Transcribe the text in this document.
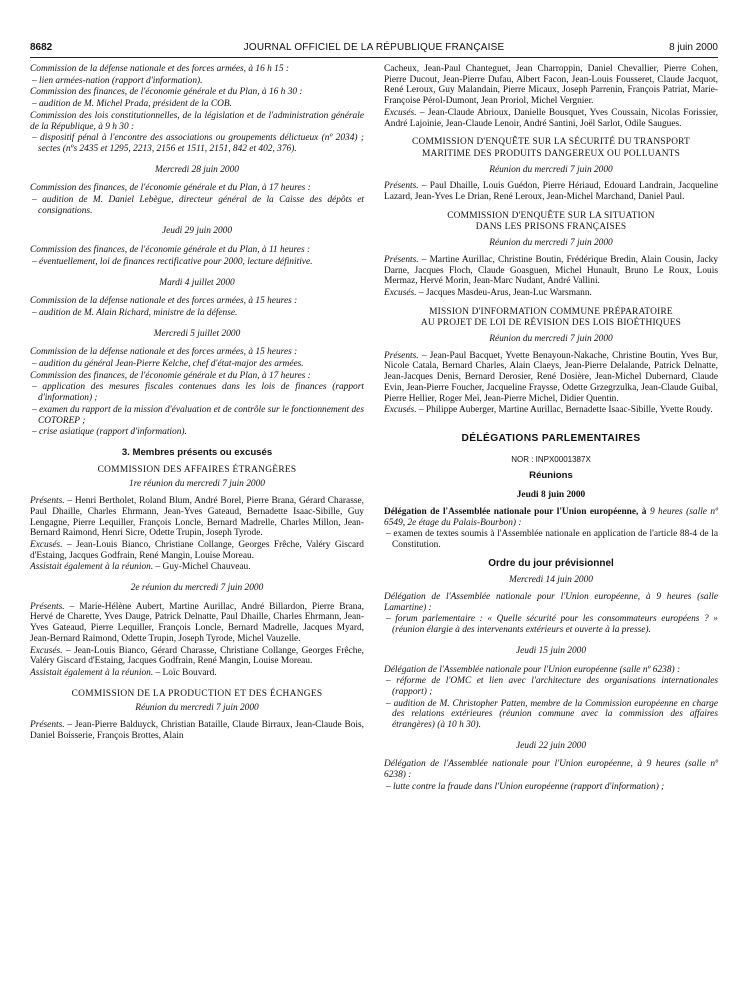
8682	JOURNAL OFFICIEL DE LA RÉPUBLIQUE FRANÇAISE	8 juin 2000

Commission de la défense nationale et des forces armées, à 16 h 15 :

– lien armées-nation (rapport d'information).

Commission des finances, de l'économie générale et du Plan, à 16 h 30 :

– audition de M. Michel Prada, président de la COB.

Commission des lois constitutionnelles, de la législation et de l'administration générale de la République, à 9 h 30 :

– dispositif pénal à l'encontre des associations ou groupements délictueux (nº 2034) ; sectes (nºs 2435 et 1295, 2213, 2156 et 1511, 2151, 842 et 402, 376).

Mercredi 28 juin 2000

Commission des finances, de l'économie générale et du Plan, à 17 heures :

– audition de M. Daniel Lebègue, directeur général de la Caisse des dépôts et consignations.

Jeudi 29 juin 2000

Commission des finances, de l'économie générale et du Plan, à 11 heures :

– éventuellement, loi de finances rectificative pour 2000, lecture définitive.

Mardi 4 juillet 2000

Commission de la défense nationale et des forces armées, à 15 heures :

– audition de M. Alain Richard, ministre de la défense.

Mercredi 5 juillet 2000

Commission de la défense nationale et des forces armées, à 15 heures :

– audition du général Jean-Pierre Kelche, chef d'état-major des armées.

Commission des finances, de l'économie générale et du Plan, à 17 heures :

– application des mesures fiscales contenues dans les lois de finances (rapport d'information) ;

– examen du rapport de la mission d'évaluation et de contrôle sur le fonctionnement des COTOREP ;

– crise asiatique (rapport d'information).

3. Membres présents ou excusés

COMMISSION DES AFFAIRES ÉTRANGÈRES

1re réunion du mercredi 7 juin 2000

Présents. – Henri Bertholet, Roland Blum, André Borel, Pierre Brana, Gérard Charasse, Paul Dhaille, Charles Ehrmann, Jean-Yves Gateaud, Bernadette Isaac-Sibille, Guy Lengagne, Pierre Lequiller, François Loncle, Bernard Madrelle, Charles Millon, Jean-Bernard Raimond, Henri Sicre, Odette Trupin, Joseph Tyrode.

Excusés. – Jean-Louis Bianco, Christiane Collange, Georges Frêche, Valéry Giscard d'Estaing, Jacques Godfrain, René Mangin, Louise Moreau.

Assistait également à la réunion. – Guy-Michel Chauveau.

2e réunion du mercredi 7 juin 2000

Présents. – Marie-Hélène Aubert, Martine Aurillac, André Billardon, Pierre Brana, Hervé de Charette, Yves Dauge, Patrick Delnatte, Paul Dhaille, Charles Ehrmann, Jean-Yves Gateaud, Pierre Lequiller, François Loncle, Bernard Madrelle, Jacques Myard, Jean-Bernard Raimond, Odette Trupin, Joseph Tyrode, Michel Vauzelle.

Excusés. – Jean-Louis Bianco, Gérard Charasse, Christiane Collange, Georges Frêche, Valéry Giscard d'Estaing, Jacques Godfrain, René Mangin, Louise Moreau.

Assistait également à la réunion. – Loïc Bouvard.

COMMISSION DE LA PRODUCTION ET DES ÉCHANGES

Réunion du mercredi 7 juin 2000

Présents. – Jean-Pierre Balduyck, Christian Bataille, Claude Birraux, Jean-Claude Bois, Daniel Boisserie, François Brottes, Alain

Cacheux, Jean-Paul Chanteguet, Jean Charroppin, Daniel Chevallier, Pierre Cohen, Pierre Ducout, Jean-Pierre Dufau, Albert Facon, Jean-Louis Fousseret, Claude Jacquot, René Leroux, Guy Malandain, Pierre Micaux, Joseph Parrenin, François Patriat, Marie-Françoise Pérol-Dumont, Jean Proriol, Michel Vergnier.

Excusés. – Jean-Claude Abrioux, Danielle Bousquet, Yves Coussain, Nicolas Forissier, André Lajoinie, Jean-Claude Lenoir, André Santini, Joël Sarlot, Odile Saugues.

COMMISSION D'ENQUÊTE SUR LA SÉCURITÉ DU TRANSPORT

MARITIME DES PRODUITS DANGEREUX OU POLLUANTS

Réunion du mercredi 7 juin 2000

Présents. – Paul Dhaille, Louis Guédon, Pierre Hériaud, Edouard Landrain, Jacqueline Lazard, Jean-Yves Le Drian, René Leroux, Jean-Michel Marchand, Daniel Paul.

COMMISSION D'ENQUÊTE SUR LA SITUATION

DANS LES PRISONS FRANÇAISES

Réunion du mercredi 7 juin 2000

Présents. – Martine Aurillac, Christine Boutin, Frédérique Bredin, Alain Cousin, Jacky Darne, Jacques Floch, Claude Goasguen, Michel Hunault, Bruno Le Roux, Louis Mermaz, Hervé Morin, Jean-Marc Nudant, André Vallini.

Excusés. – Jacques Masdeu-Arus, Jean-Luc Warsmann.

MISSION D'INFORMATION COMMUNE PRÉPARATOIRE

AU PROJET DE LOI DE RÉVISION DES LOIS BIOÉTHIQUES

Réunion du mercredi 7 juin 2000

Présents. – Jean-Paul Bacquet, Yvette Benayoun-Nakache, Christine Boutin, Yves Bur, Nicole Catala, Bernard Charles, Alain Claeys, Jean-Pierre Delalande, Patrick Delnatte, Jean-Jacques Denis, Bernard Derosier, René Dosière, Jean-Michel Dubernard, Claude Evin, Jean-Pierre Foucher, Jacqueline Fraysse, Odette Grzegrzulka, Jean-Claude Guibal, Pierre Hellier, Roger Meï, Jean-Pierre Michel, Didier Quentin.

Excusés. – Philippe Auberger, Martine Aurillac, Bernadette Isaac-Sibille, Yvette Roudy.

DÉLÉGATIONS PARLEMENTAIRES

NOR : INPX0001387X

Réunions

Jeudi 8 juin 2000

Délégation de l'Assemblée nationale pour l'Union européenne, à 9 heures (salle nº 6549, 2e étage du Palais-Bourbon) :

– examen de textes soumis à l'Assemblée nationale en application de l'article 88-4 de la Constitution.

Ordre du jour prévisionnel

Mercredi 14 juin 2000

Délégation de l'Assemblée nationale pour l'Union européenne, à 9 heures (salle Lamartine) :

– forum parlementaire : « Quelle sécurité pour les consommateurs européens ? » (réunion élargie à des intervenants extérieurs et ouverte à la presse).

Jeudi 15 juin 2000

Délégation de l'Assemblée nationale pour l'Union européenne (salle nº 6238) :

– réforme de l'OMC et lien avec l'architecture des organisations internationales (rapport) ;

– audition de M. Christopher Patten, membre de la Commission européenne en charge des relations extérieures (réunion commune avec la commission des affaires étrangères) (à 10 h 30).

Jeudi 22 juin 2000

Délégation de l'Assemblée nationale pour l'Union européenne, à 9 heures (salle nº 6238) :

– lutte contre la fraude dans l'Union européenne (rapport d'information) ;
